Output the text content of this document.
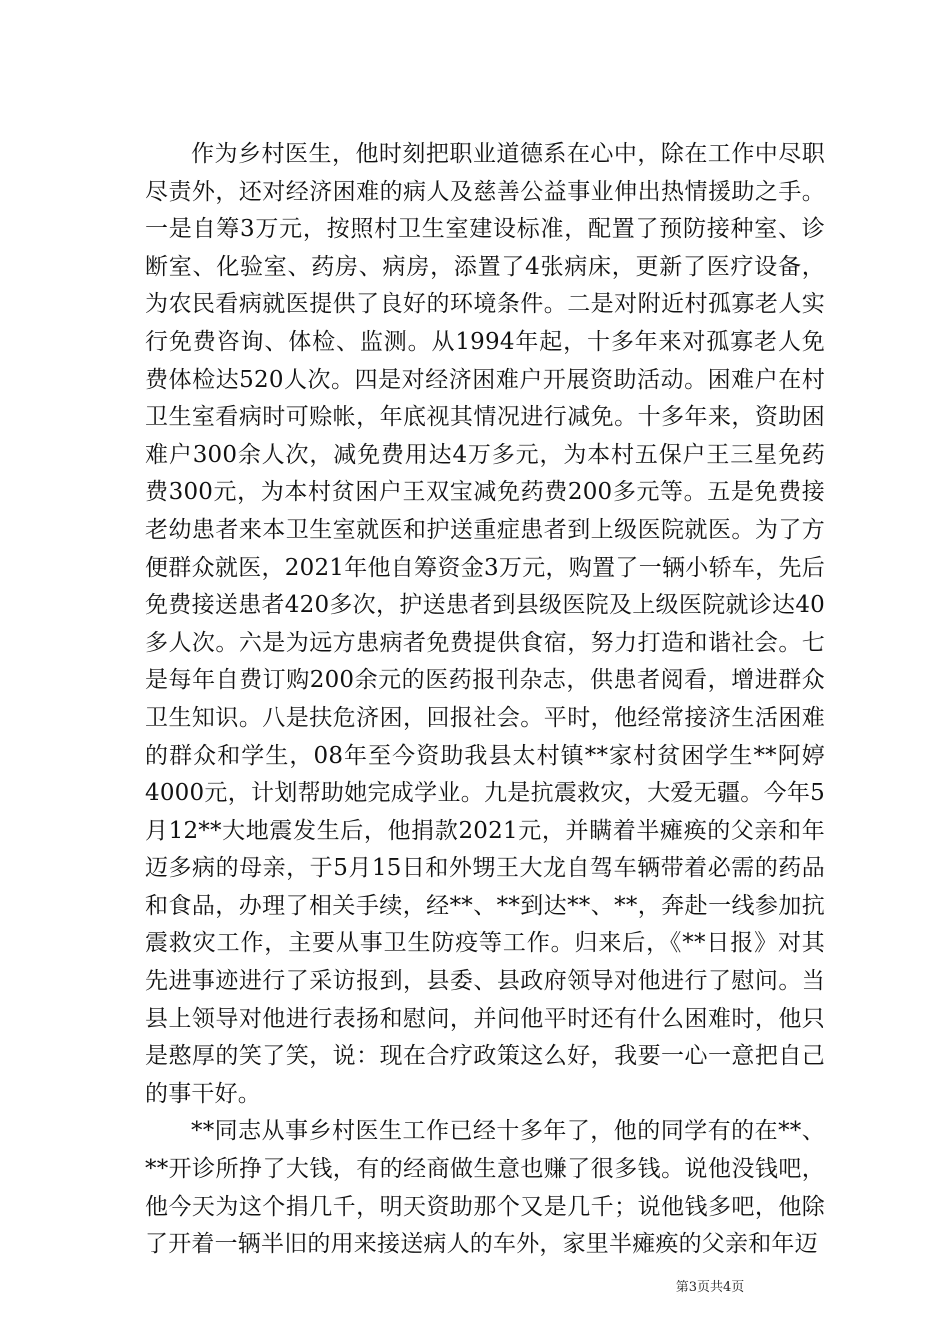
作为乡村医生，他时刻把职业道德系在心中，除在工作中尽职尽责外，还对经济困难的病人及慈善公益事业伸出热情援助之手。一是自筹3万元，按照村卫生室建设标准，配置了预防接种室、诊断室、化验室、药房、病房，添置了4张病床，更新了医疗设备，为农民看病就医提供了良好的环境条件。二是对附近村孤寡老人实行免费咨询、体检、监测。从1994年起，十多年来对孤寡老人免费体检达520人次。四是对经济困难户开展资助活动。困难户在村卫生室看病时可赊帐，年底视其情况进行减免。十多年来，资助困难户300余人次，减免费用达4万多元，为本村五保户王三星免药费300元，为本村贫困户王双宝减免药费200多元等。五是免费接老幼患者来本卫生室就医和护送重症患者到上级医院就医。为了方便群众就医，2021年他自筹资金3万元，购置了一辆小轿车，先后免费接送患者420多次，护送患者到县级医院及上级医院就诊达40多人次。六是为远方患病者免费提供食宿，努力打造和谐社会。七是每年自费订购200余元的医药报刊杂志，供患者阅看，增进群众卫生知识。八是扶危济困，回报社会。平时，他经常接济生活困难的群众和学生，08年至今资助我县太村镇**家村贫困学生**阿婷4000元，计划帮助她完成学业。九是抗震救灾，大爱无疆。今年5月12**大地震发生后，他捐款2021元，并瞒着半瘫痪的父亲和年迈多病的母亲，于5月15日和外甥王大龙自驾车辆带着必需的药品和食品，办理了相关手续，经**、**到达**、**，奔赴一线参加抗震救灾工作，主要从事卫生防疫等工作。归来后，《**日报》对其先进事迹进行了采访报到，县委、县政府领导对他进行了慰问。当县上领导对他进行表扬和慰问，并问他平时还有什么困难时，他只是憨厚的笑了笑，说：现在合疗政策这么好，我要一心一意把自己的事干好。

**同志从事乡村医生工作已经十多年了，他的同学有的在**、**开诊所挣了大钱，有的经商做生意也赚了很多钱。说他没钱吧，他今天为这个捐几千，明天资助那个又是几千；说他钱多吧，他除了开着一辆半旧的用来接送病人的车外，家里半瘫痪的父亲和年迈

第3页共4页
